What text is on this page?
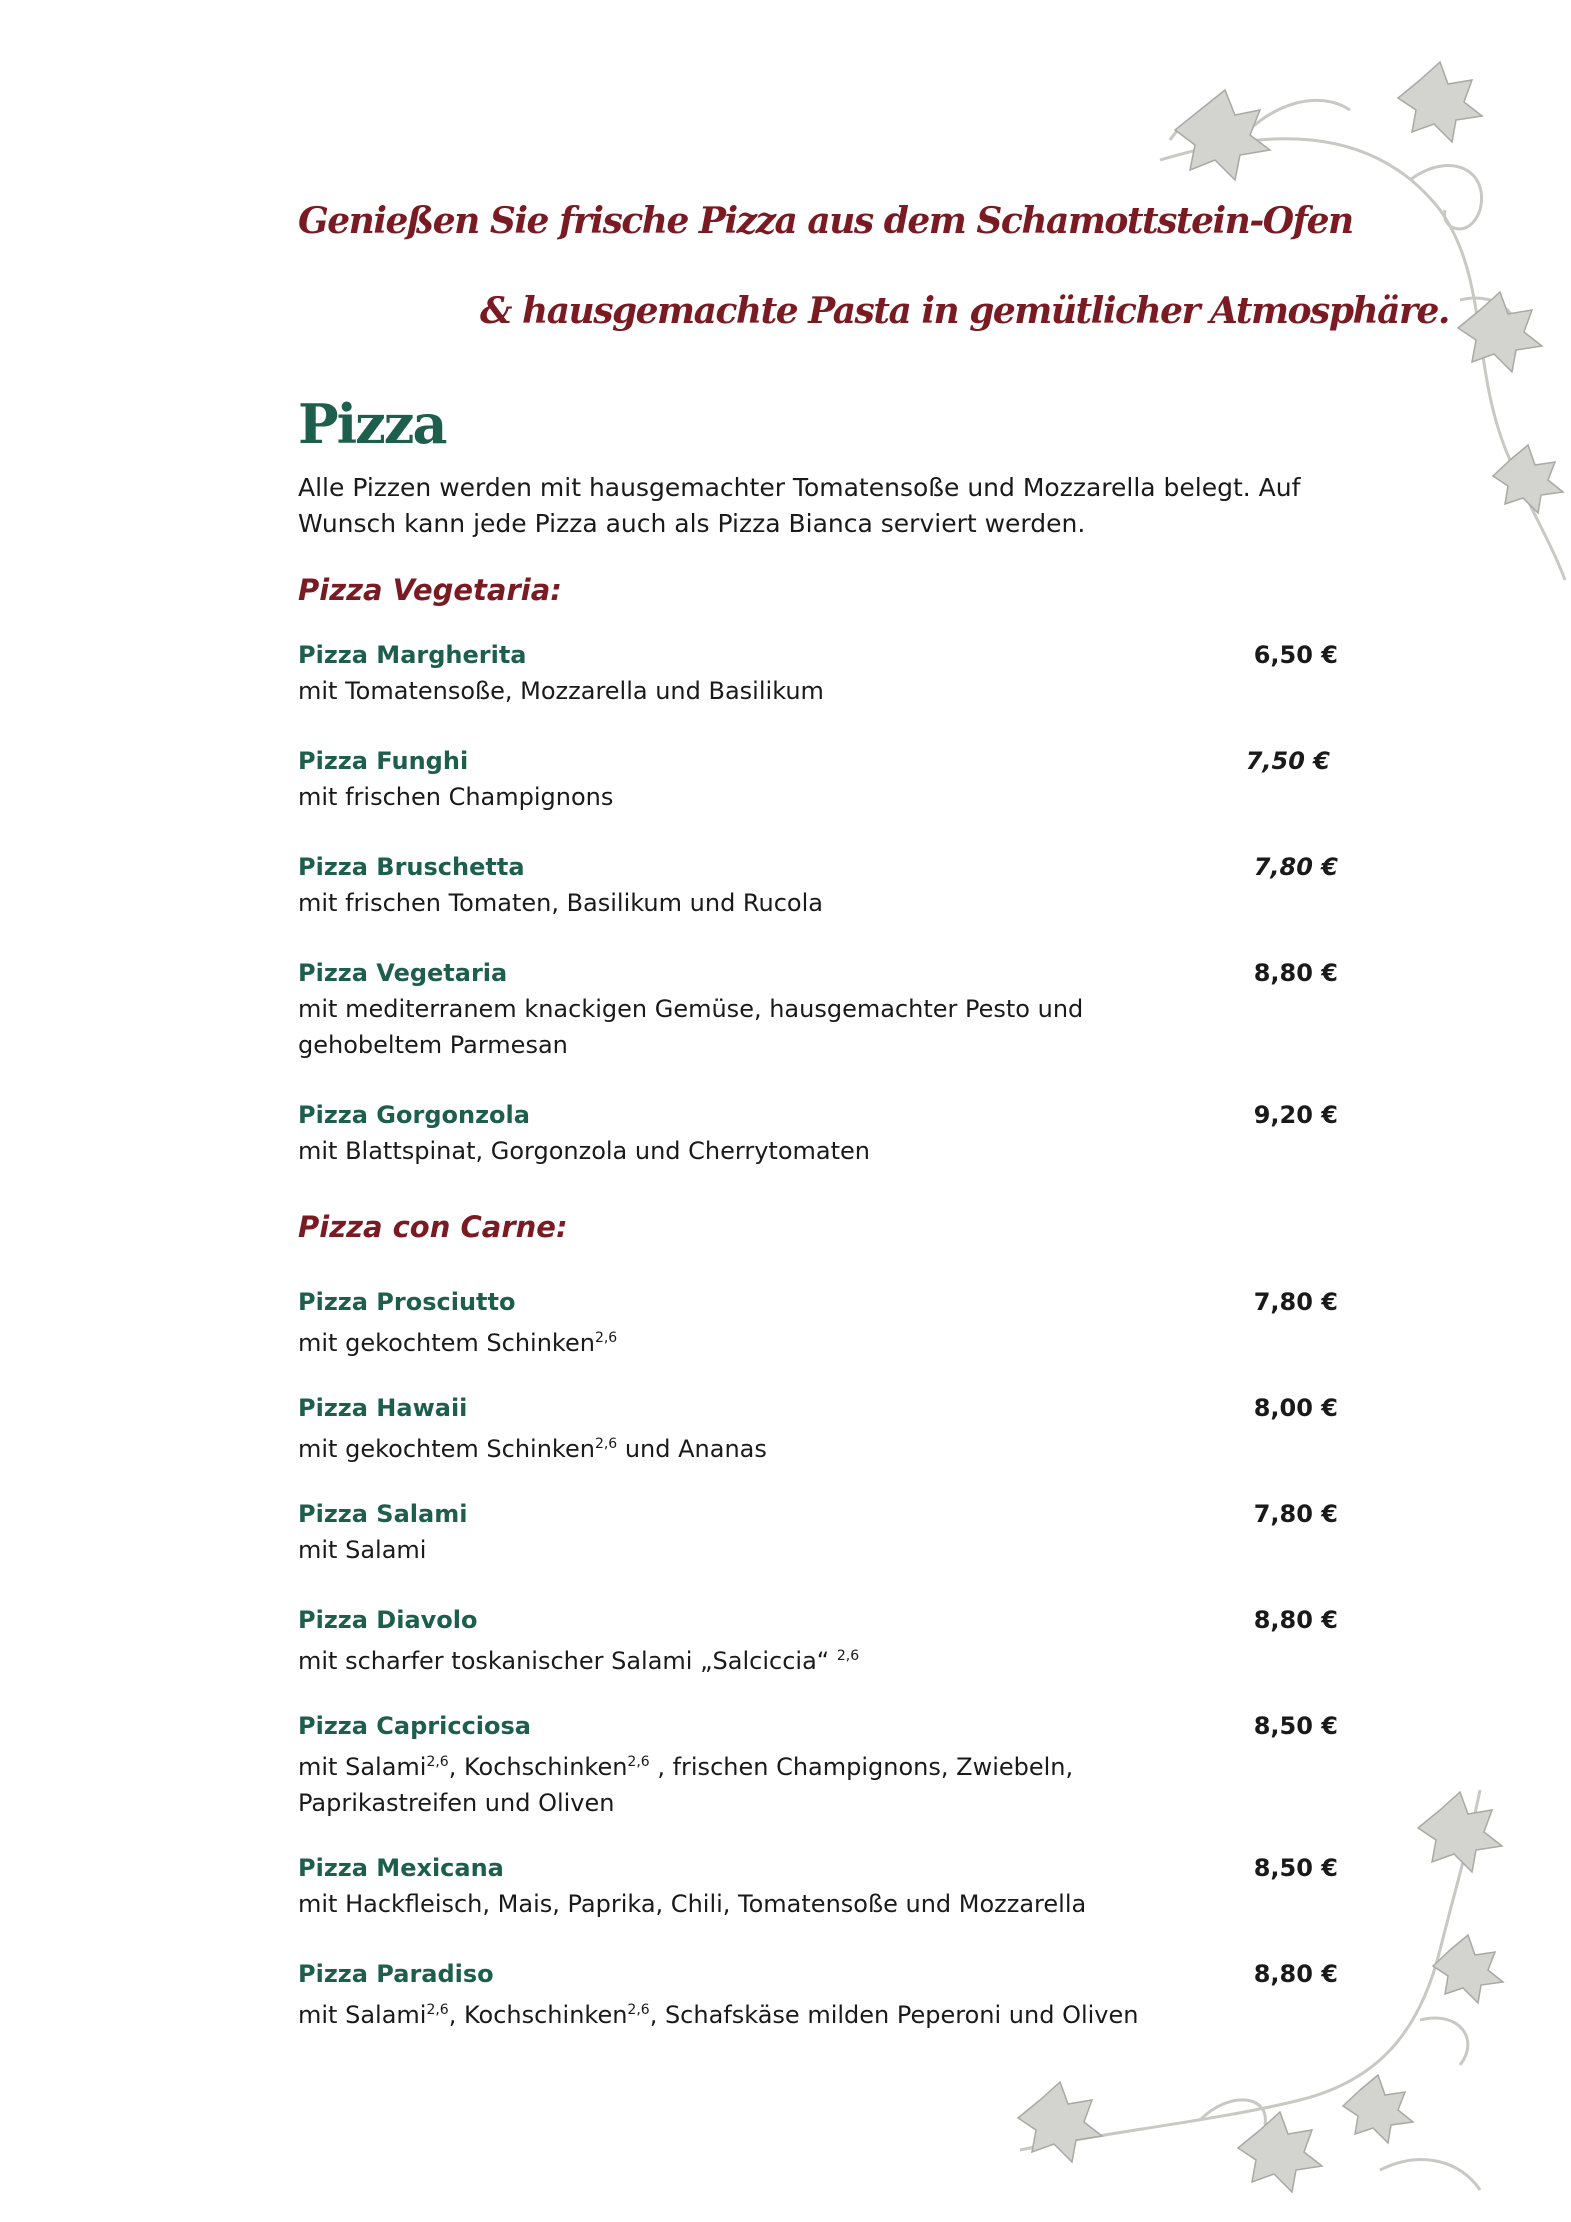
Genießen Sie frische Pizza aus dem Schamottstein-Ofen
& hausgemachte Pasta in gemütlicher Atmosphäre.
Pizza
Alle Pizzen werden mit hausgemachter Tomatensoße und Mozzarella belegt. Auf Wunsch kann jede Pizza auch als Pizza Bianca serviert werden.
Pizza Vegetaria:
Pizza Margherita
mit Tomatensoße, Mozzarella und Basilikum
6,50 €
Pizza Funghi
mit frischen Champignons
7,50 €
Pizza Bruschetta
mit frischen Tomaten, Basilikum und Rucola
7,80 €
Pizza Vegetaria
mit mediterranem knackigen Gemüse, hausgemachter Pesto und gehobeltem Parmesan
8,80 €
Pizza Gorgonzola
mit Blattspinat, Gorgonzola und Cherrytomaten
9,20 €
Pizza con Carne:
Pizza Prosciutto
mit gekochtem Schinken$^{2,6}$
7,80 €
Pizza Hawaii
mit gekochtem Schinken$^{2,6}$ und Ananas
8,00 €
Pizza Salami
mit Salami
7,80 €
Pizza Diavolo
mit scharfer toskanischer Salami „Salciccia“ $^{2,6}$
8,80 €
Pizza Capricciosa
mit Salami$^{2,6}$, Kochschinken$^{2,6}$ , frischen Champignons, Zwiebeln,
Paprikastreifen und Oliven
8,50 €
Pizza Mexicana
mit Hackfleisch, Mais, Paprika, Chili, Tomatensoße und Mozzarella
8,50 €
Pizza Paradiso
mit Salami$^{2,6}$, Kochschinken$^{2,6}$, Schafskäse milden Peperoni und Oliven
8,80 €
